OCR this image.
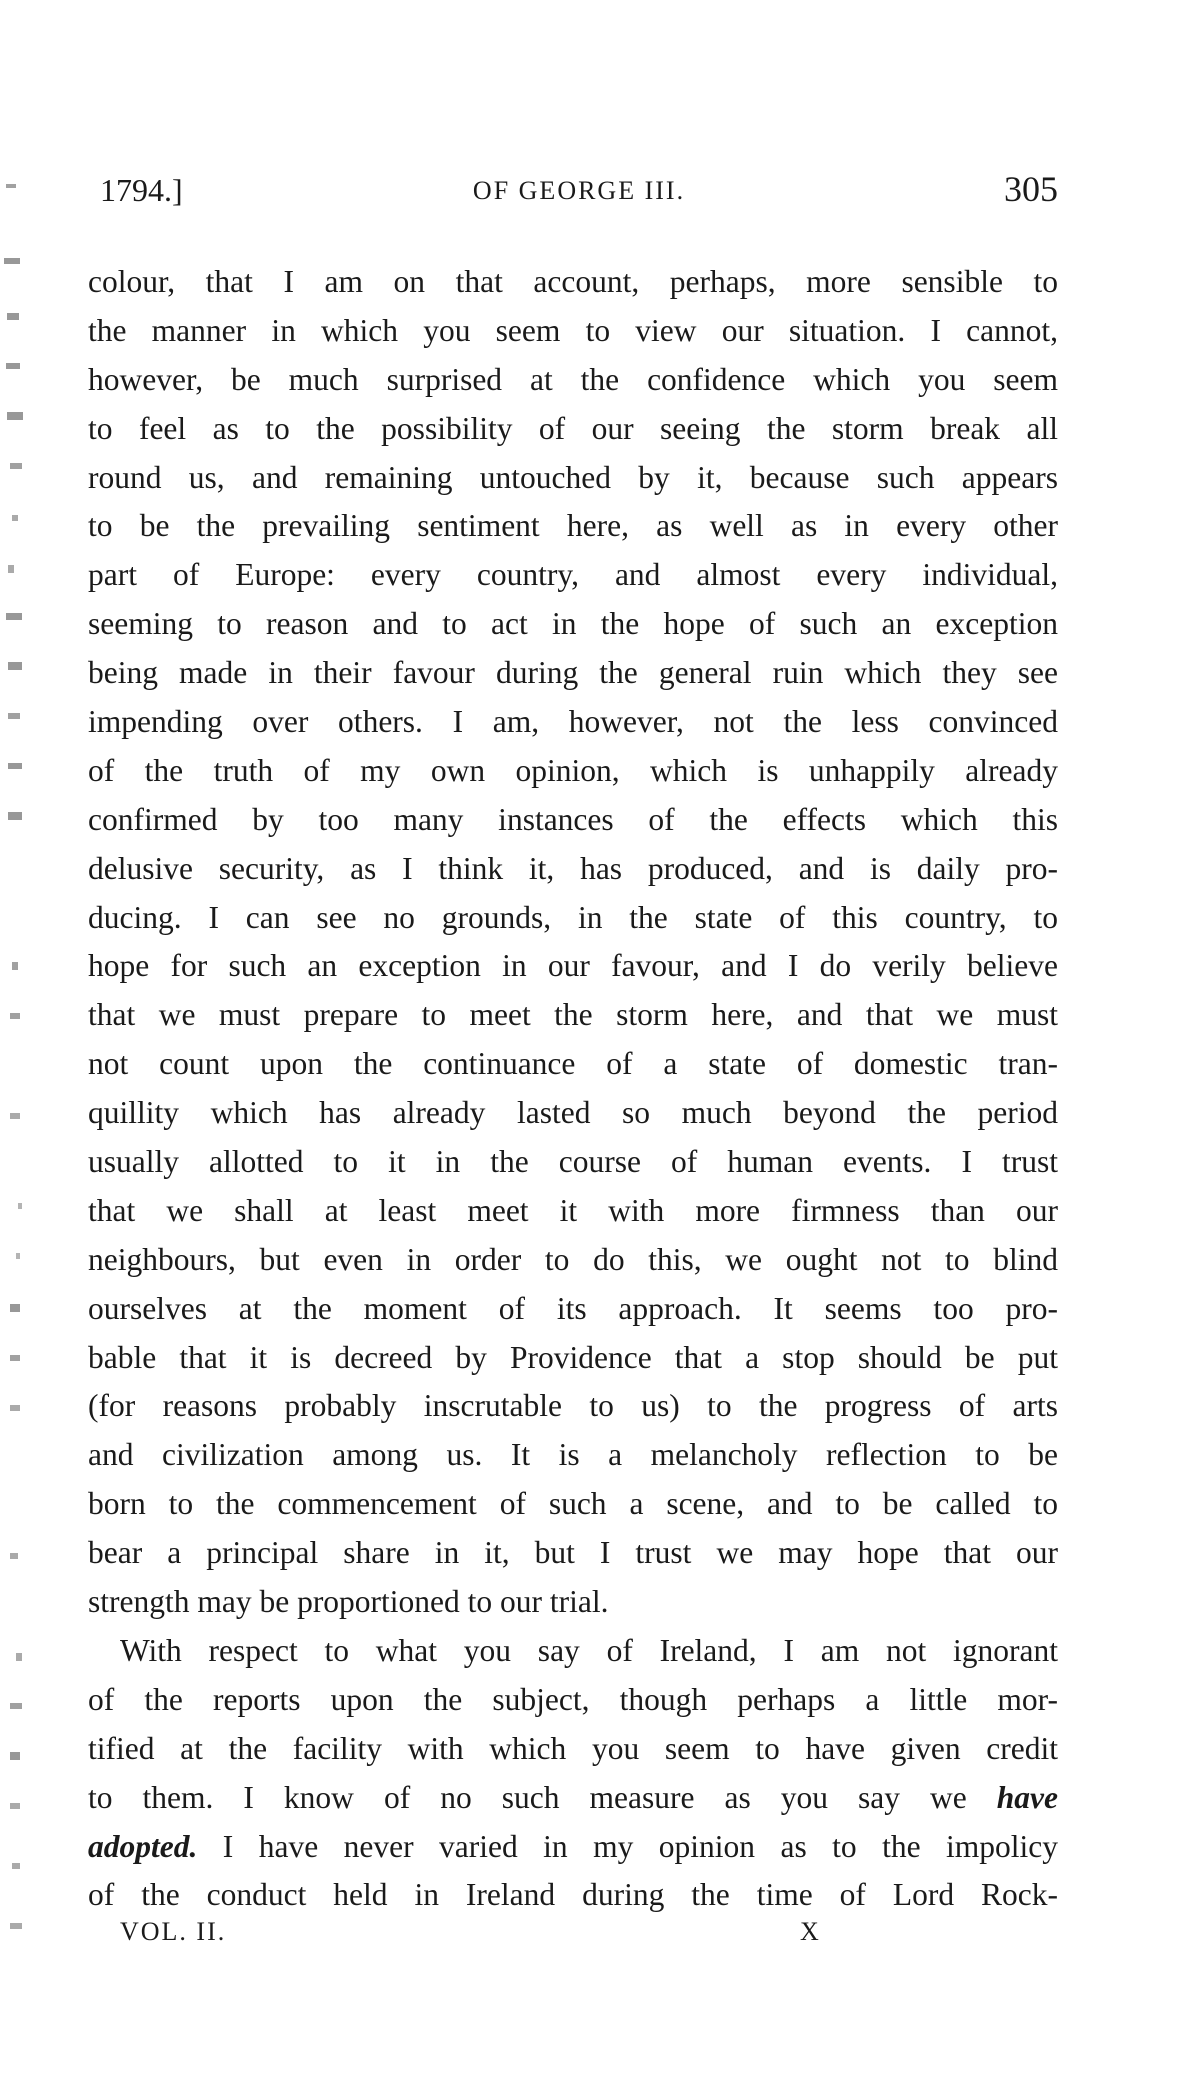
1794.]	OF GEORGE III.	305
colour, that I am on that account, perhaps, more sensible to
the manner in which you seem to view our situation. I cannot,
however, be much surprised at the confidence which you seem
to feel as to the possibility of our seeing the storm break all
round us, and remaining untouched by it, because such appears
to be the prevailing sentiment here, as well as in every other
part of Europe: every country, and almost every individual,
seeming to reason and to act in the hope of such an exception
being made in their favour during the general ruin which they see
impending over others. I am, however, not the less convinced
of the truth of my own opinion, which is unhappily already
confirmed by too many instances of the effects which this
delusive security, as I think it, has produced, and is daily pro-
ducing. I can see no grounds, in the state of this country, to
hope for such an exception in our favour, and I do verily believe
that we must prepare to meet the storm here, and that we must
not count upon the continuance of a state of domestic tran-
quillity which has already lasted so much beyond the period
usually allotted to it in the course of human events. I trust
that we shall at least meet it with more firmness than our
neighbours, but even in order to do this, we ought not to blind
ourselves at the moment of its approach. It seems too pro-
bable that it is decreed by Providence that a stop should be put
(for reasons probably inscrutable to us) to the progress of arts
and civilization among us. It is a melancholy reflection to be
born to the commencement of such a scene, and to be called to
bear a principal share in it, but I trust we may hope that our
strength may be proportioned to our trial.
With respect to what you say of Ireland, I am not ignorant
of the reports upon the subject, though perhaps a little mor-
tified at the facility with which you seem to have given credit
to them. I know of no such measure as you say we have
adopted. I have never varied in my opinion as to the impolicy
of the conduct held in Ireland during the time of Lord Rock-
VOL. II.	X
